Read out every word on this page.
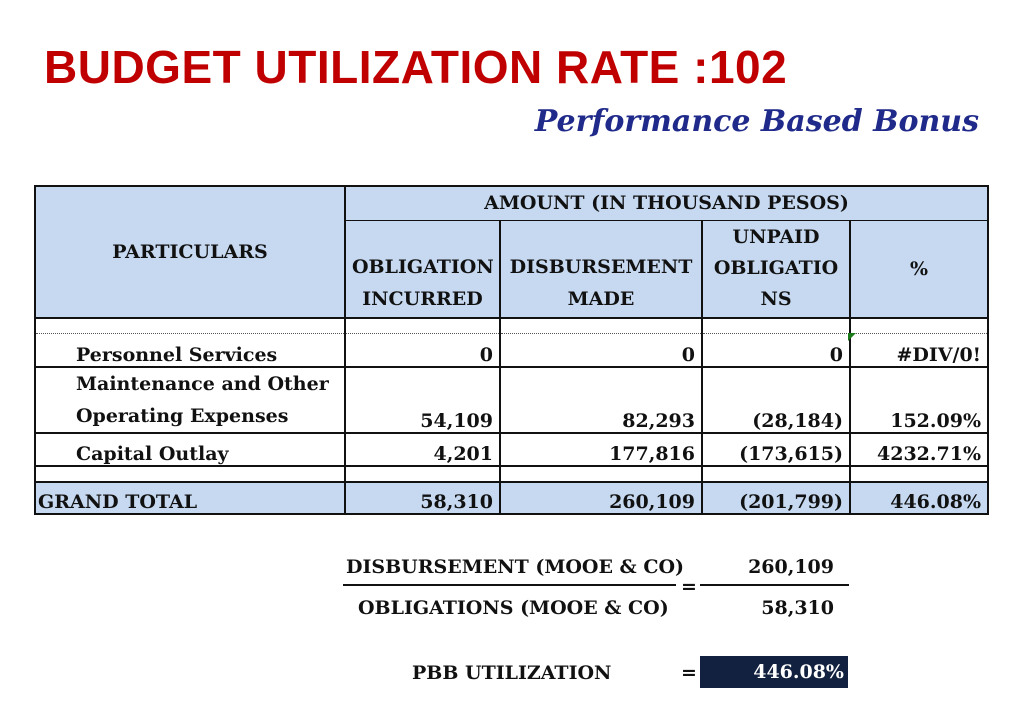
BUDGET UTILIZATION RATE :102
Performance Based Bonus
PARTICULARS	AMOUNT (IN THOUSAND PESOS)			
	OBLIGATION INCURRED	DISBURSEMENT MADE	UNPAID OBLIGATIO NS	%

Personnel Services	0	0	0	#DIV/0!
Maintenance and Other
Operating Expenses	54,109	82,293	(28,184)	152.09%
Capital Outlay	4,201	177,816	(173,615)	4232.71%

GRAND TOTAL	58,310	260,109	(201,799)	446.08%
DISBURSEMENT (MOOE & CO)
OBLIGATIONS (MOOE & CO)
=
260,109
58,310
PBB UTILIZATION	=	446.08%
